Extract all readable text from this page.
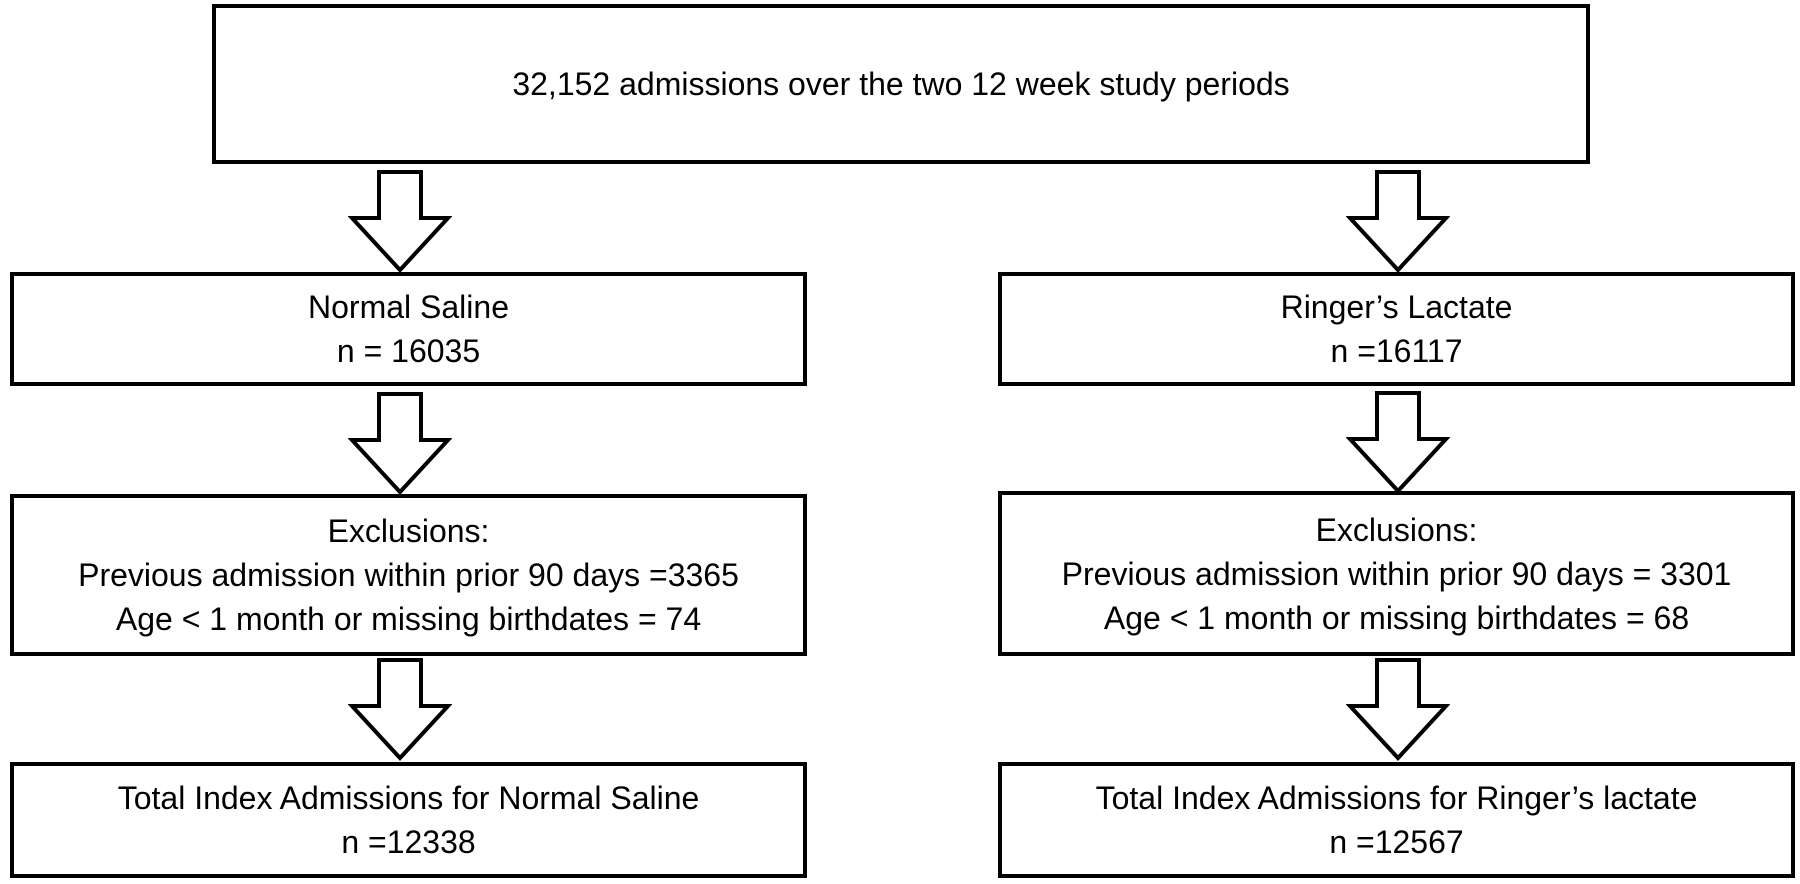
32,152 admissions over the two 12 week study periods
Normal Saline
n = 16035
Ringer’s Lactate
n =16117
Exclusions:
Previous admission within prior 90 days =3365
Age < 1 month or missing birthdates = 74
Exclusions:
Previous admission within prior 90 days = 3301
Age < 1 month or missing birthdates = 68
Total Index Admissions for Normal Saline
n =12338
Total Index Admissions for Ringer’s lactate
n =12567
